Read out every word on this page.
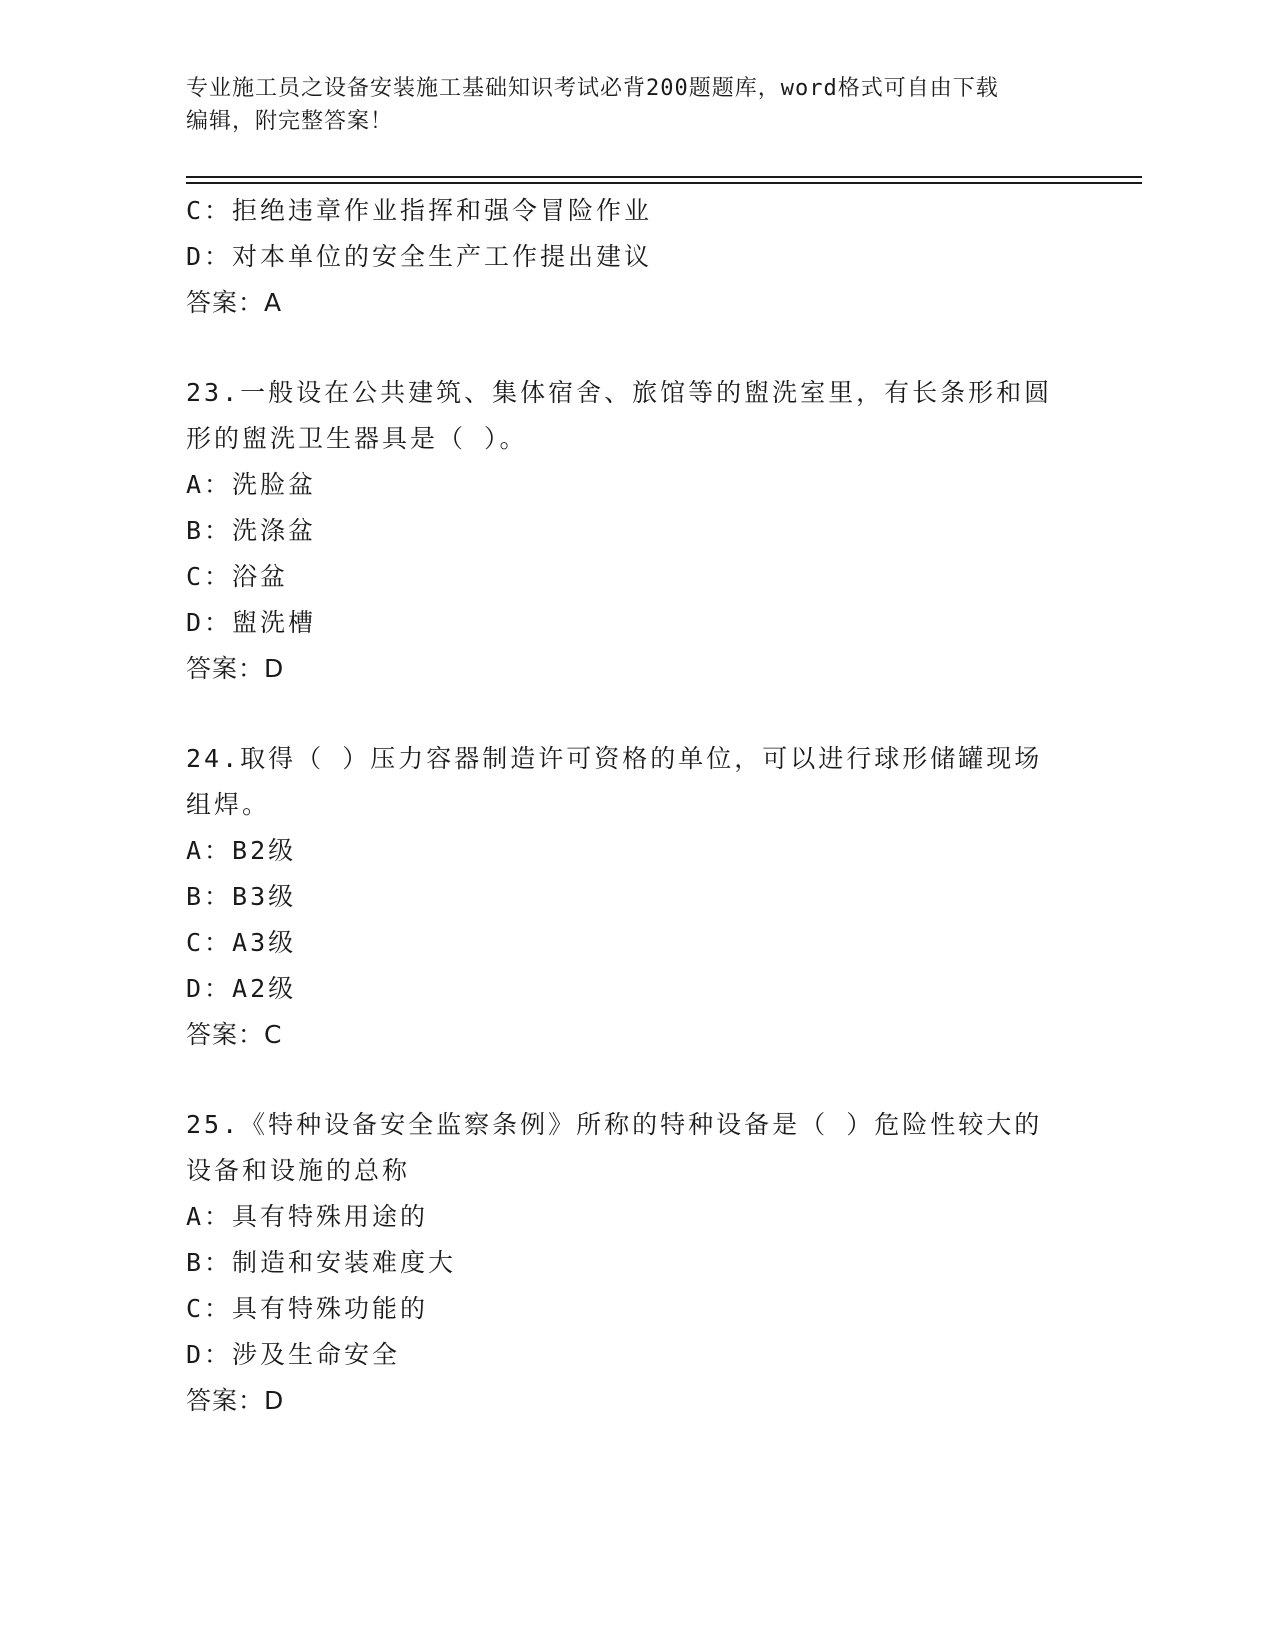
专业施工员之设备安装施工基础知识考试必背200题题库，word格式可自由下载
编辑，附完整答案！
C：拒绝违章作业指挥和强令冒险作业
D：对本单位的安全生产工作提出建议
答案：A
23.一般设在公共建筑、集体宿舍、旅馆等的盥洗室里，有长条形和圆
形的盥洗卫生器具是（ ）。
A：洗脸盆
B：洗涤盆
C：浴盆
D：盥洗槽
答案：D
24.取得（ ）压力容器制造许可资格的单位，可以进行球形储罐现场
组焊。
A：B2级
B：B3级
C：A3级
D：A2级
答案：C
25.《特种设备安全监察条例》所称的特种设备是（ ）危险性较大的
设备和设施的总称
A：具有特殊用途的
B：制造和安装难度大
C：具有特殊功能的
D：涉及生命安全
答案：D
